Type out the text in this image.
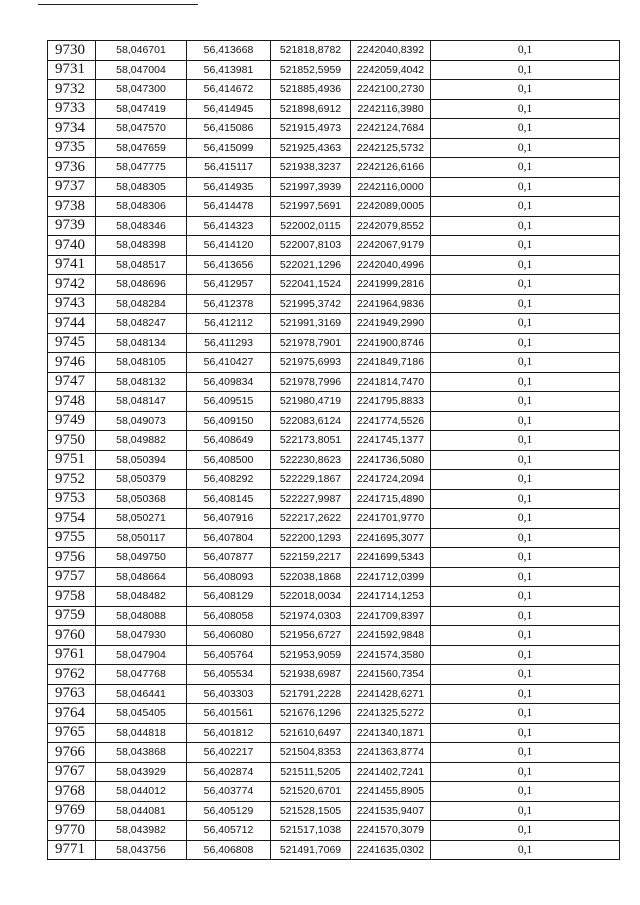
9730	58,046701	56,413668	521818,8782	2242040,8392	0,1
9731	58,047004	56,413981	521852,5959	2242059,4042	0,1
9732	58,047300	56,414672	521885,4936	2242100,2730	0,1
9733	58,047419	56,414945	521898,6912	2242116,3980	0,1
9734	58,047570	56,415086	521915,4973	2242124,7684	0,1
9735	58,047659	56,415099	521925,4363	2242125,5732	0,1
9736	58,047775	56,415117	521938,3237	2242126,6166	0,1
9737	58,048305	56,414935	521997,3939	2242116,0000	0,1
9738	58,048306	56,414478	521997,5691	2242089,0005	0,1
9739	58,048346	56,414323	522002,0115	2242079,8552	0,1
9740	58,048398	56,414120	522007,8103	2242067,9179	0,1
9741	58,048517	56,413656	522021,1296	2242040,4996	0,1
9742	58,048696	56,412957	522041,1524	2241999,2816	0,1
9743	58,048284	56,412378	521995,3742	2241964,9836	0,1
9744	58,048247	56,412112	521991,3169	2241949,2990	0,1
9745	58,048134	56,411293	521978,7901	2241900,8746	0,1
9746	58,048105	56,410427	521975,6993	2241849,7186	0,1
9747	58,048132	56,409834	521978,7996	2241814,7470	0,1
9748	58,048147	56,409515	521980,4719	2241795,8833	0,1
9749	58,049073	56,409150	522083,6124	2241774,5526	0,1
9750	58,049882	56,408649	522173,8051	2241745,1377	0,1
9751	58,050394	56,408500	522230,8623	2241736,5080	0,1
9752	58,050379	56,408292	522229,1867	2241724,2094	0,1
9753	58,050368	56,408145	522227,9987	2241715,4890	0,1
9754	58,050271	56,407916	522217,2622	2241701,9770	0,1
9755	58,050117	56,407804	522200,1293	2241695,3077	0,1
9756	58,049750	56,407877	522159,2217	2241699,5343	0,1
9757	58,048664	56,408093	522038,1868	2241712,0399	0,1
9758	58,048482	56,408129	522018,0034	2241714,1253	0,1
9759	58,048088	56,408058	521974,0303	2241709,8397	0,1
9760	58,047930	56,406080	521956,6727	2241592,9848	0,1
9761	58,047904	56,405764	521953,9059	2241574,3580	0,1
9762	58,047768	56,405534	521938,6987	2241560,7354	0,1
9763	58,046441	56,403303	521791,2228	2241428,6271	0,1
9764	58,045405	56,401561	521676,1296	2241325,5272	0,1
9765	58,044818	56,401812	521610,6497	2241340,1871	0,1
9766	58,043868	56,402217	521504,8353	2241363,8774	0,1
9767	58,043929	56,402874	521511,5205	2241402,7241	0,1
9768	58,044012	56,403774	521520,6701	2241455,8905	0,1
9769	58,044081	56,405129	521528,1505	2241535,9407	0,1
9770	58,043982	56,405712	521517,1038	2241570,3079	0,1
9771	58,043756	56,406808	521491,7069	2241635,0302	0,1
